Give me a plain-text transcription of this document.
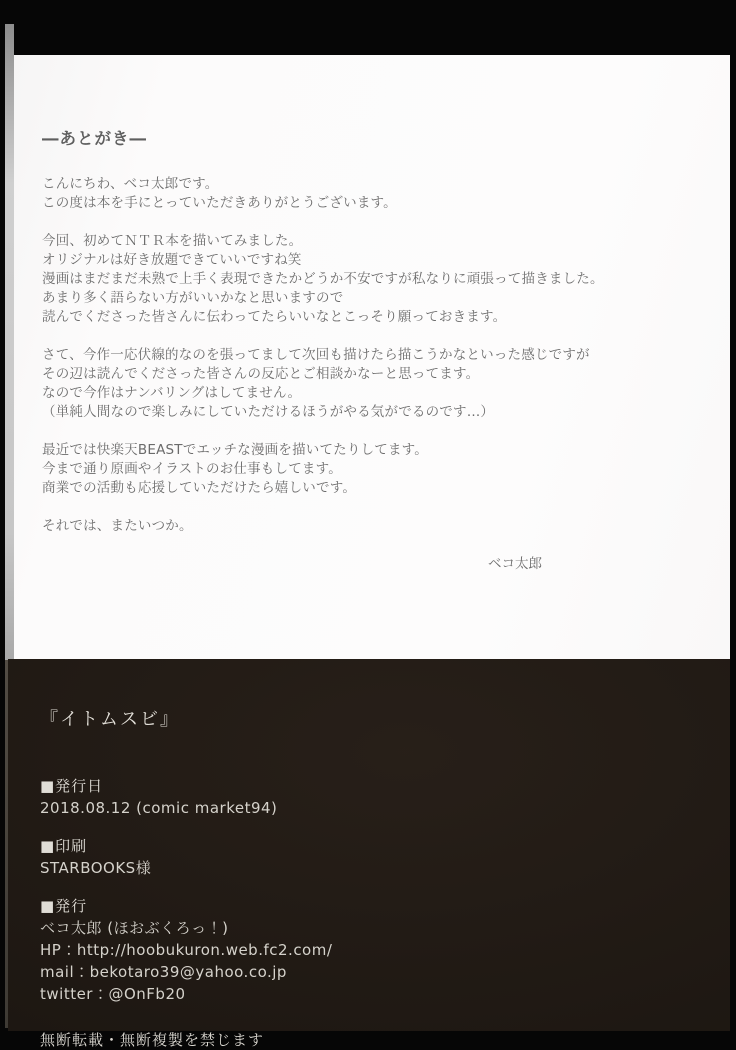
―あとがき―
こんにちわ、ベコ太郎です。
この度は本を手にとっていただきありがとうございます。
今回、初めてＮＴＲ本を描いてみました。
オリジナルは好き放題できていいですね笑
漫画はまだまだ未熟で上手く表現できたかどうか不安ですが私なりに頑張って描きました。
あまり多く語らない方がいいかなと思いますので
読んでくださった皆さんに伝わってたらいいなとこっそり願っておきます。
さて、今作一応伏線的なのを張ってまして次回も描けたら描こうかなといった感じですが
その辺は読んでくださった皆さんの反応とご相談かなーと思ってます。
なので今作はナンバリングはしてません。
（単純人間なので楽しみにしていただけるほうがやる気がでるのです…）
最近では快楽天BEASTでエッチな漫画を描いてたりしてます。
今まで通り原画やイラストのお仕事もしてます。
商業での活動も応援していただけたら嬉しいです。
それでは、またいつか。
ベコ太郎
『イトムスビ』
■発行日
2018.08.12 (comic market94)
■印刷
STARBOOKS様
■発行
ベコ太郎 (ほおぶくろっ！)
HP：http://hoobukuron.web.fc2.com/
mail：bekotaro39@yahoo.co.jp
twitter：@OnFb20
無断転載・無断複製を禁じます
